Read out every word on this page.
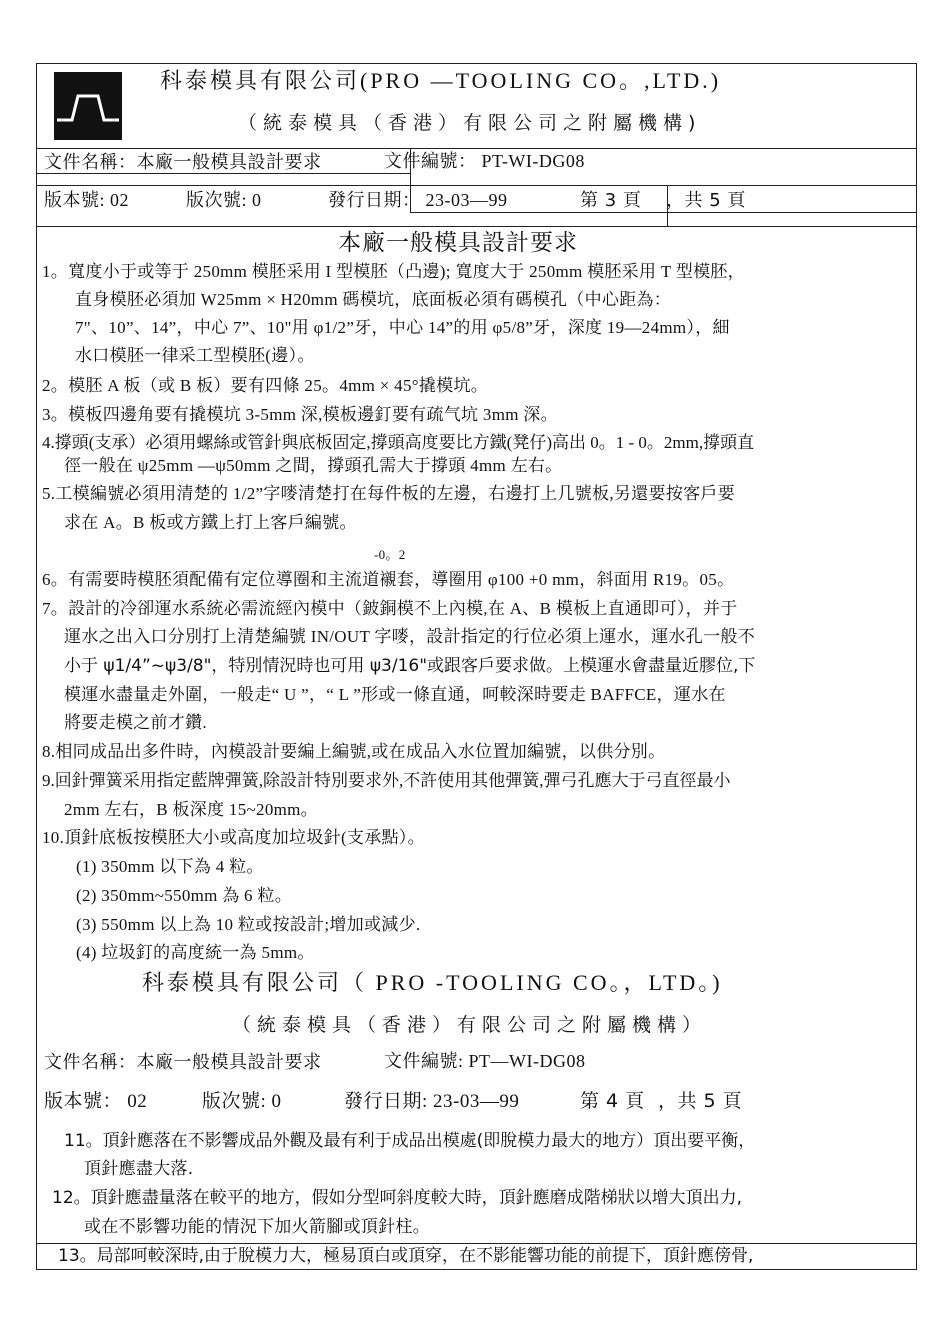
科泰模具有限公司(PRO —TOOLING CO。,LTD.)
（統泰模具（香港）有限公司之附屬機構)
文件名稱：本廠一般模具設計要求	文件編號： PT-WI-DG08
版本號: 02	版次號: 0	發行日期： 23-03—99	第 3 頁 ，共 5 頁
本廠一般模具設計要求
1。寬度小于或等于 250mm 模胚采用 I 型模胚（凸邊); 寬度大于 250mm 模胚采用 T 型模胚，
直身模胚必須加 W25mm × H20mm 碼模坑，底面板必須有碼模孔（中心距為：
7"、10”、14”，中心 7”、10"用 φ1/2”牙，中心 14”的用 φ5/8”牙，深度 19—24mm），細
水口模胚一律采工型模胚(邊）。
2。模胚 A 板（或 B 板）要有四條 25。4mm × 45°撬模坑。
3。模板四邊角要有撬模坑 3-5mm 深,模板邊釘要有疏气坑 3mm 深。
4.撐頭(支承）必須用螺絲或管針與底板固定,撐頭高度要比方鐵(凳仔)高出 0。1 - 0。2mm,撐頭直
徑一般在 ψ25mm —ψ50mm 之間，撐頭孔需大于撐頭 4mm 左右。
5.工模編號必須用清楚的 1/2”字嘜清楚打在每件板的左邊，右邊打上几號板,另還要按客戶要
求在 A。B 板或方鐵上打上客戶編號。
-0。2
6。有需要時模胚須配備有定位導圈和主流道襯套，導圈用 φ100 +0 mm，斜面用 R19。05。
7。設計的冷卻運水系統必需流經內模中（鈹銅模不上內模,在 A、B 模板上直通即可），并于
運水之出入口分別打上清楚編號 IN/OUT 字嘜，設計指定的行位必須上運水，運水孔一般不
小于 ψ1/4”~ψ3/8"，特別情況時也可用 ψ3/16"或跟客戶要求做。上模運水會盡量近膠位,下
模運水盡量走外圍，一般走“ U ”，“ L ”形或一條直通，呵較深時要走 BAFFCE，運水在
將要走模之前才鑽.
8.相同成品出多件時，內模設計要編上編號,或在成品入水位置加編號，以供分別。
9.回針彈簧采用指定藍牌彈簧,除設計特別要求外,不許使用其他彈簧,彈弓孔應大于弓直徑最小
2mm 左右，B 板深度 15~20mm。
10.頂針底板按模胚大小或高度加垃圾針(支承點）。
(1) 350mm 以下為 4 粒。
(2) 350mm~550mm 為 6 粒。
(3) 550mm 以上為 10 粒或按設計;增加或減少.
(4) 垃圾釘的高度統一為 5mm。
科泰模具有限公司（ PRO -TOOLING CO。，LTD。)
（統泰模具（香港）有限公司之附屬機構）
文件名稱：本廠一般模具設計要求	文件編號: PT—WI-DG08
版本號： 02	版次號: 0	發行日期: 23-03—99	第 4 頁 ，共 5 頁
11。頂針應落在不影響成品外觀及最有利于成品出模處(即脫模力最大的地方）頂出要平衡，
頂針應盡大落.
12。頂針應盡量落在較平的地方，假如分型呵斜度較大時，頂針應磨成階梯狀以增大頂出力,
或在不影響功能的情況下加火箭腳或頂針柱。
13。局部呵較深時,由于脫模力大，極易頂白或頂穿，在不影能響功能的前提下，頂針應傍骨,
